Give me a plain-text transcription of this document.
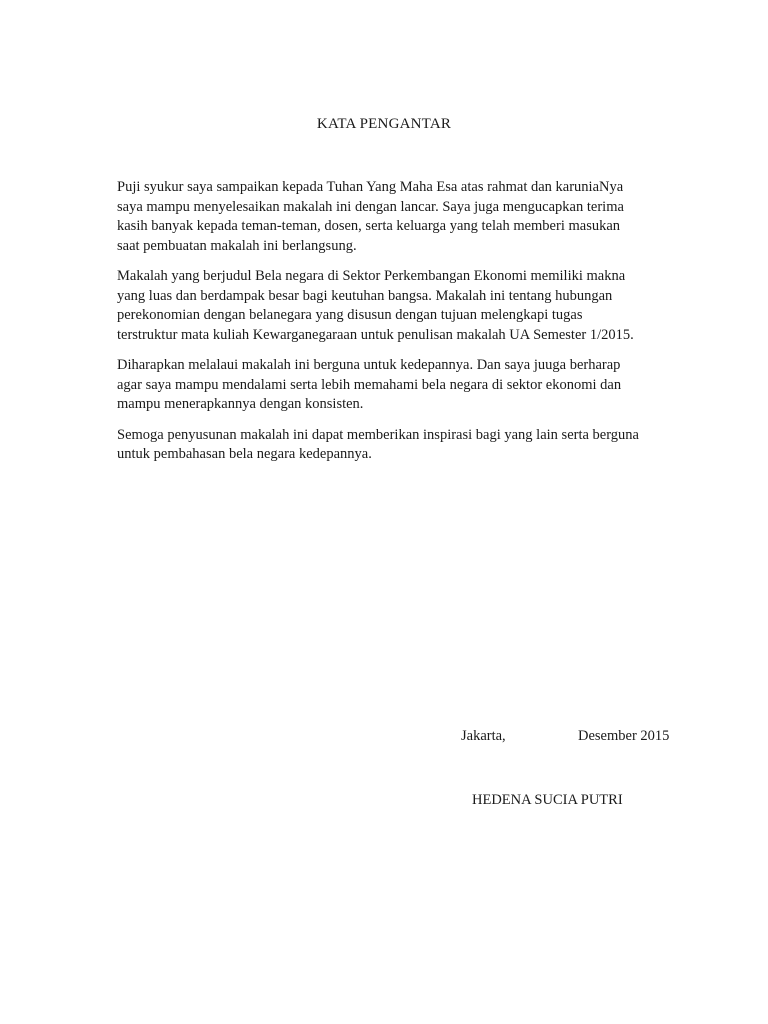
KATA PENGANTAR

Puji syukur saya sampaikan kepada Tuhan Yang Maha Esa atas rahmat dan karuniaNya
saya mampu menyelesaikan makalah ini dengan lancar. Saya juga mengucapkan terima
kasih banyak kepada teman-teman, dosen, serta keluarga yang telah memberi masukan
saat pembuatan makalah ini berlangsung.

Makalah yang berjudul Bela negara di Sektor Perkembangan Ekonomi memiliki makna
yang luas dan berdampak besar bagi keutuhan bangsa. Makalah ini tentang hubungan
perekonomian dengan belanegara yang disusun dengan tujuan melengkapi tugas
terstruktur mata kuliah Kewarganegaraan untuk penulisan makalah UA Semester 1/2015.

Diharapkan melalaui makalah ini berguna untuk kedepannya. Dan saya juuga berharap
agar saya mampu mendalami serta lebih memahami bela negara di sektor ekonomi dan
mampu menerapkannya dengan konsisten.

Semoga penyusunan makalah ini dapat memberikan inspirasi bagi yang lain serta berguna
untuk pembahasan bela negara kedepannya.

Jakarta,	Desember 2015
HEDENA SUCIA PUTRI
